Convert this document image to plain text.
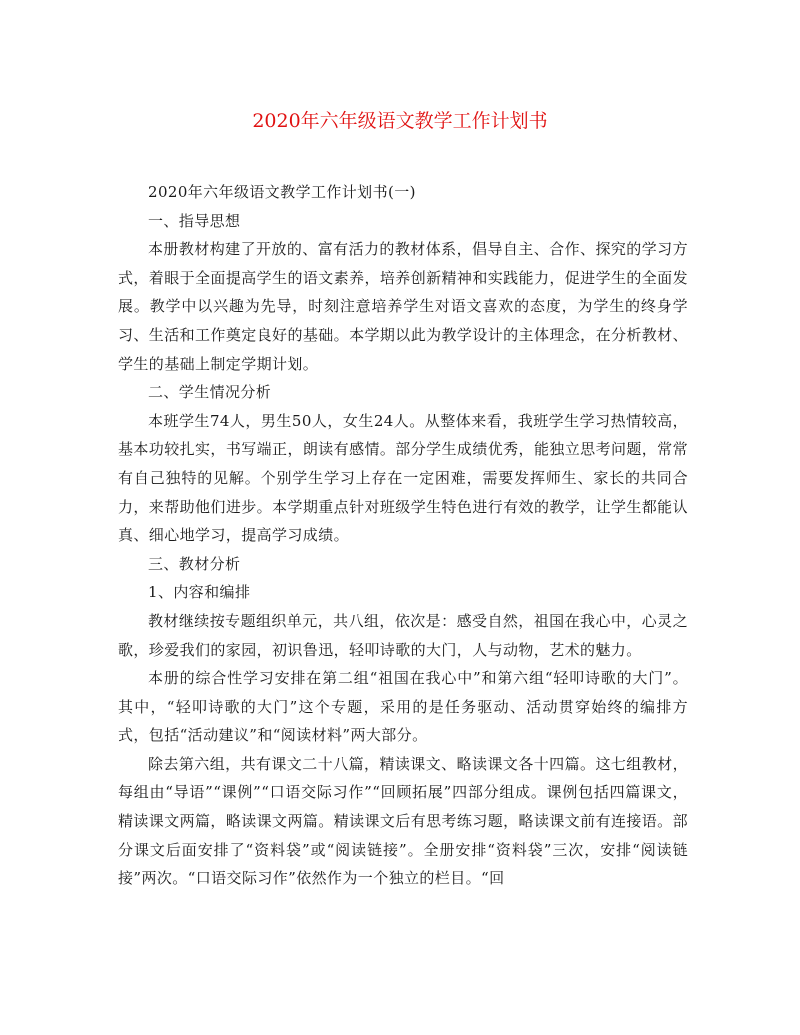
2020年六年级语文教学工作计划书

2020年六年级语文教学工作计划书(一)

一、指导思想

本册教材构建了开放的、富有活力的教材体系，倡导自主、合作、探究的学习方式，着眼于全面提高学生的语文素养，培养创新精神和实践能力，促进学生的全面发展。教学中以兴趣为先导，时刻注意培养学生对语文喜欢的态度，为学生的终身学习、生活和工作奠定良好的基础。本学期以此为教学设计的主体理念，在分析教材、学生的基础上制定学期计划。

二、学生情况分析

本班学生74人，男生50人，女生24人。从整体来看，我班学生学习热情较高，基本功较扎实，书写端正，朗读有感情。部分学生成绩优秀，能独立思考问题，常常有自己独特的见解。个别学生学习上存在一定困难，需要发挥师生、家长的共同合力，来帮助他们进步。本学期重点针对班级学生特色进行有效的教学，让学生都能认真、细心地学习，提高学习成绩。

三、教材分析

1、内容和编排

教材继续按专题组织单元，共八组，依次是：感受自然，祖国在我心中，心灵之歌，珍爱我们的家园，初识鲁迅，轻叩诗歌的大门，人与动物，艺术的魅力。

本册的综合性学习安排在第二组“祖国在我心中”和第六组“轻叩诗歌的大门”。其中，“轻叩诗歌的大门”这个专题，采用的是任务驱动、活动贯穿始终的编排方式，包括“活动建议”和“阅读材料”两大部分。

除去第六组，共有课文二十八篇，精读课文、略读课文各十四篇。这七组教材，每组由“导语”“课例”“口语交际习作”“回顾拓展”四部分组成。课例包括四篇课文，精读课文两篇，略读课文两篇。精读课文后有思考练习题，略读课文前有连接语。部分课文后面安排了“资料袋”或“阅读链接”。全册安排“资料袋”三次，安排“阅读链接”两次。“口语交际习作”依然作为一个独立的栏目。“回
